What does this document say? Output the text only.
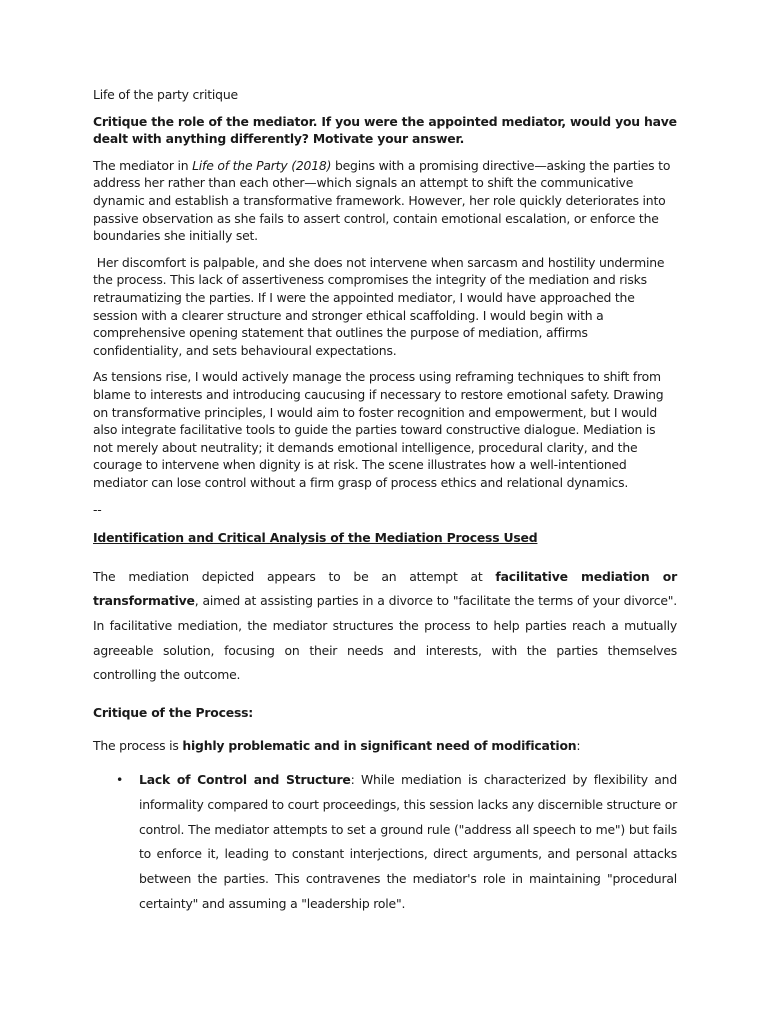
Life of the party critique

Critique the role of the mediator. If you were the appointed mediator, would you have dealt with anything differently? Motivate your answer.

The mediator in Life of the Party (2018) begins with a promising directive—asking the parties to address her rather than each other—which signals an attempt to shift the communicative dynamic and establish a transformative framework. However, her role quickly deteriorates into passive observation as she fails to assert control, contain emotional escalation, or enforce the boundaries she initially set.

Her discomfort is palpable, and she does not intervene when sarcasm and hostility undermine the process. This lack of assertiveness compromises the integrity of the mediation and risks retraumatizing the parties. If I were the appointed mediator, I would have approached the session with a clearer structure and stronger ethical scaffolding. I would begin with a comprehensive opening statement that outlines the purpose of mediation, affirms confidentiality, and sets behavioural expectations.

As tensions rise, I would actively manage the process using reframing techniques to shift from blame to interests and introducing caucusing if necessary to restore emotional safety. Drawing on transformative principles, I would aim to foster recognition and empowerment, but I would also integrate facilitative tools to guide the parties toward constructive dialogue. Mediation is not merely about neutrality; it demands emotional intelligence, procedural clarity, and the courage to intervene when dignity is at risk. The scene illustrates how a well-intentioned mediator can lose control without a firm grasp of process ethics and relational dynamics.

--

Identification and Critical Analysis of the Mediation Process Used

The mediation depicted appears to be an attempt at facilitative mediation or transformative, aimed at assisting parties in a divorce to "facilitate the terms of your divorce". In facilitative mediation, the mediator structures the process to help parties reach a mutually agreeable solution, focusing on their needs and interests, with the parties themselves controlling the outcome.

Critique of the Process:

The process is highly problematic and in significant need of modification:

• Lack of Control and Structure: While mediation is characterized by flexibility and informality compared to court proceedings, this session lacks any discernible structure or control. The mediator attempts to set a ground rule ("address all speech to me") but fails to enforce it, leading to constant interjections, direct arguments, and personal attacks between the parties. This contravenes the mediator's role in maintaining "procedural certainty" and assuming a "leadership role".
